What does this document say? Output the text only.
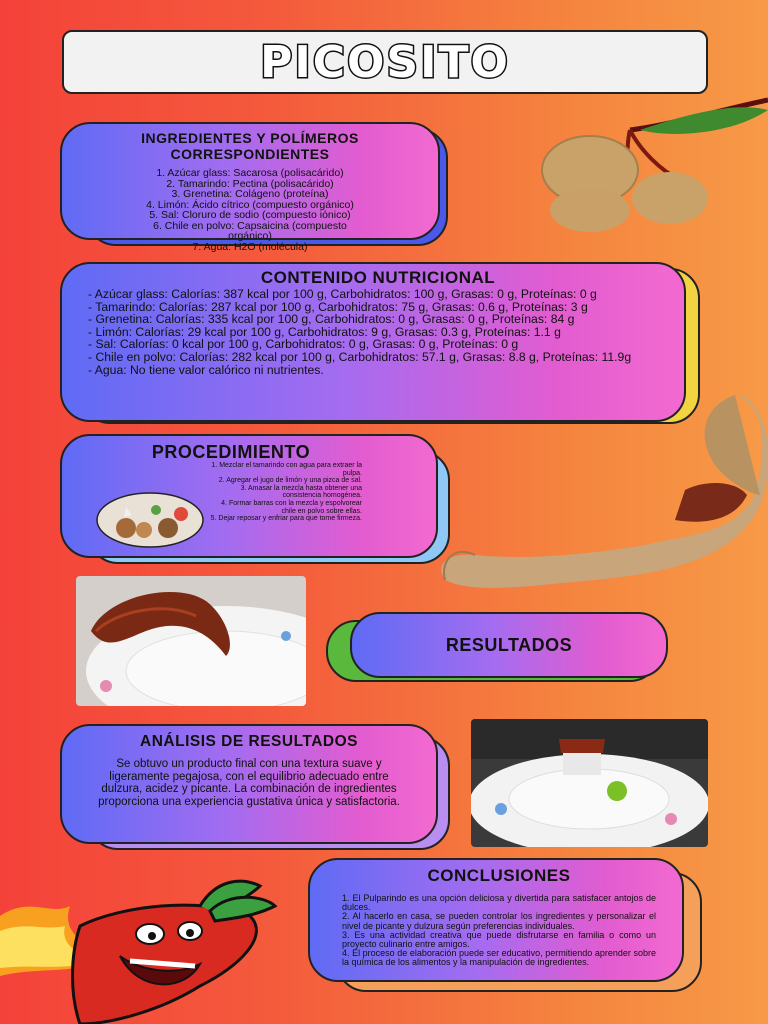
PICOSITO
INGREDIENTES Y POLÍMEROS CORRESPONDIENTES
1. Azúcar glass: Sacarosa (polisacárido)
2. Tamarindo: Pectina (polisacárido)
3. Grenetina: Colágeno (proteína)
4. Limón: Ácido cítrico (compuesto orgánico)
5. Sal: Cloruro de sodio (compuesto iónico)
6. Chile en polvo: Capsaicina (compuesto orgánico)
7. Agua: H2O (molécula)
CONTENIDO NUTRICIONAL
- Azúcar glass: Calorías: 387 kcal por 100 g, Carbohidratos: 100 g, Grasas: 0 g, Proteínas: 0 g
- Tamarindo: Calorías: 287 kcal por 100 g, Carbohidratos: 75 g, Grasas: 0.6 g, Proteínas: 3 g
- Grenetina: Calorías: 335 kcal por 100 g, Carbohidratos: 0 g, Grasas: 0 g, Proteínas: 84 g
- Limón: Calorías: 29 kcal por 100 g, Carbohidratos: 9 g, Grasas: 0.3 g, Proteínas: 1.1 g
- Sal: Calorías: 0 kcal por 100 g, Carbohidratos: 0 g, Grasas: 0 g, Proteínas: 0 g
- Chile en polvo: Calorías: 282 kcal por 100 g, Carbohidratos: 57.1 g, Grasas: 8.8 g, Proteínas: 11.9g
- Agua: No tiene valor calórico ni nutrientes.
PROCEDIMIENTO
1. Mezclar el tamarindo con agua para extraer la pulpa.
2. Agregar el jugo de limón y una pizca de sal.
3. Amasar la mezcla hasta obtener una consistencia homogénea.
4. Formar barras con la mezcla y espolvorear chile en polvo sobre ellas.
5. Dejar reposar y enfriar para que tome firmeza.
RESULTADOS
ANÁLISIS DE RESULTADOS
Se obtuvo un producto final con una textura suave y ligeramente pegajosa, con el equilibrio adecuado entre dulzura, acidez y picante. La combinación de ingredientes proporciona una experiencia gustativa única y satisfactoria.
CONCLUSIONES
1. El Pulparindo es una opción deliciosa y divertida para satisfacer antojos de dulces.
2. Al hacerlo en casa, se pueden controlar los ingredientes y personalizar el nivel de picante y dulzura según preferencias individuales.
3. Es una actividad creativa que puede disfrutarse en familia o como un proyecto culinario entre amigos.
4. El proceso de elaboración puede ser educativo, permitiendo aprender sobre la química de los alimentos y la manipulación de ingredientes.
